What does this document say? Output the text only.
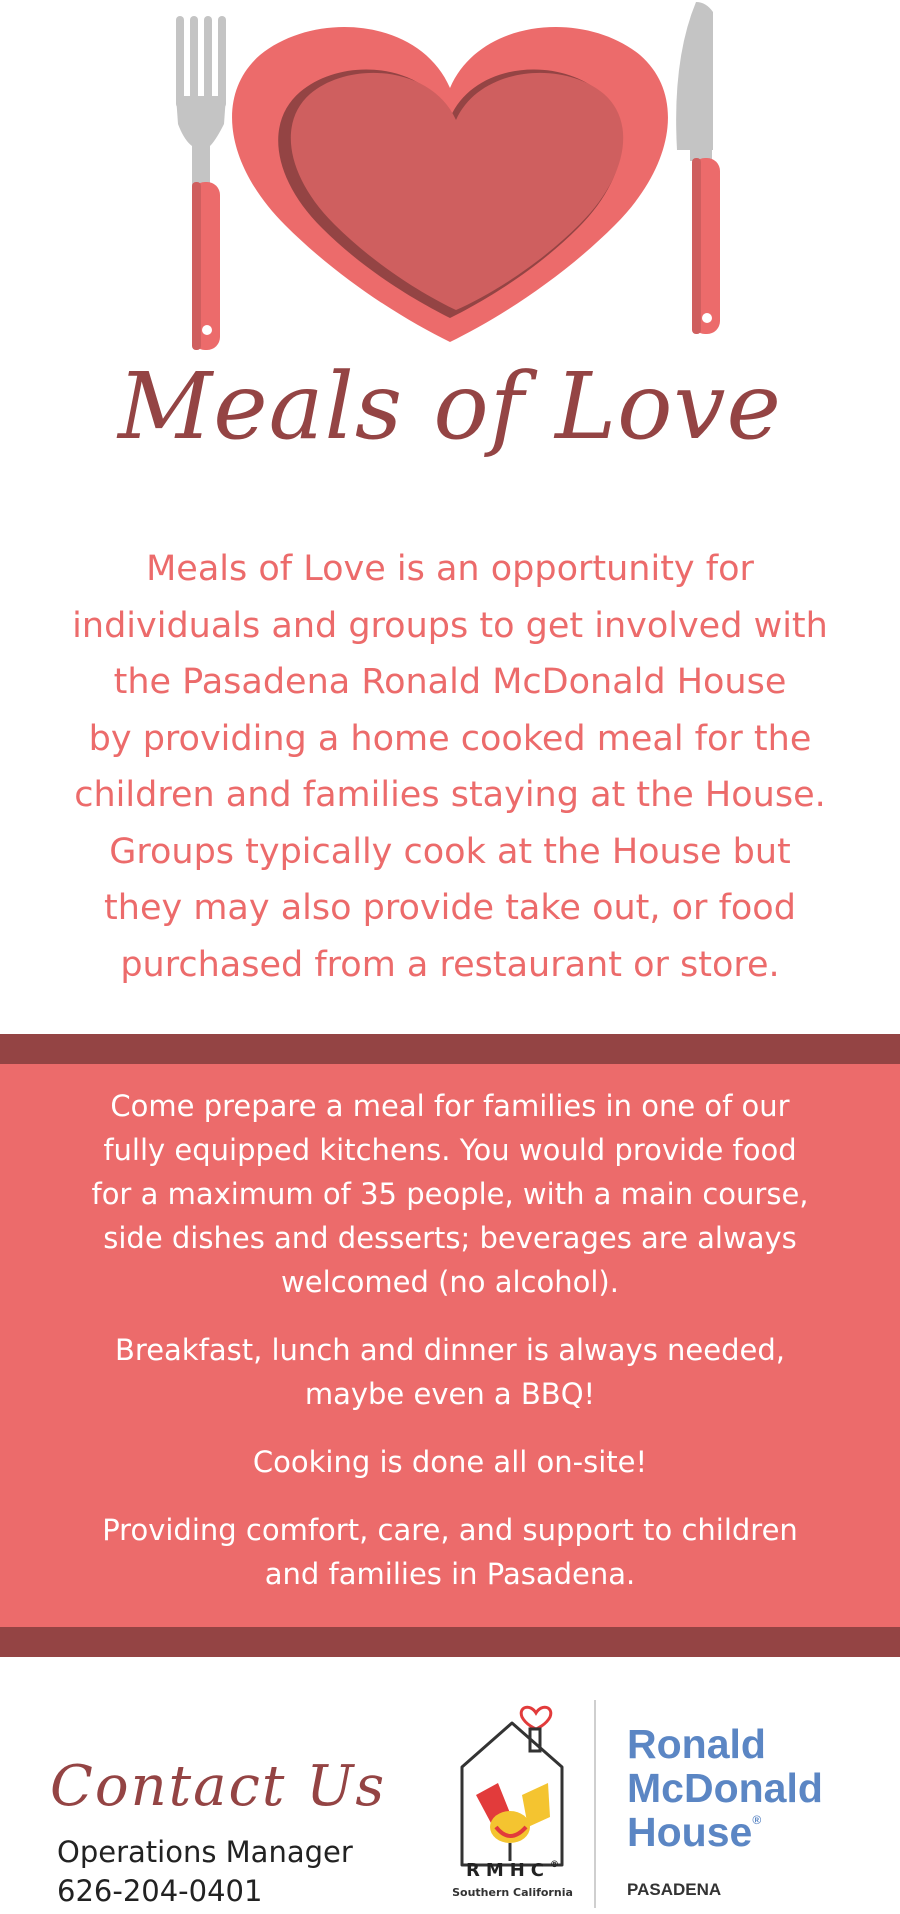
Meals of Love
Meals of Love is an opportunity for
individuals and groups to get involved with
the Pasadena Ronald McDonald House
by providing a home cooked meal for the
children and families staying at the House.
Groups typically cook at the House but
they may also provide take out, or food
purchased from a restaurant or store.

Come prepare a meal for families in one of our
fully equipped kitchens. You would provide food
for a maximum of 35 people, with a main course,
side dishes and desserts; beverages are always
welcomed (no alcohol).

Breakfast, lunch and dinner is always needed,
maybe even a BBQ!

Cooking is done all on-site!

Providing comfort, care, and support to children
and families in Pasadena.

Contact Us
Operations Manager
626-204-0401
RMHC®
Southern California
Ronald
McDonald
House®
PASADENA
